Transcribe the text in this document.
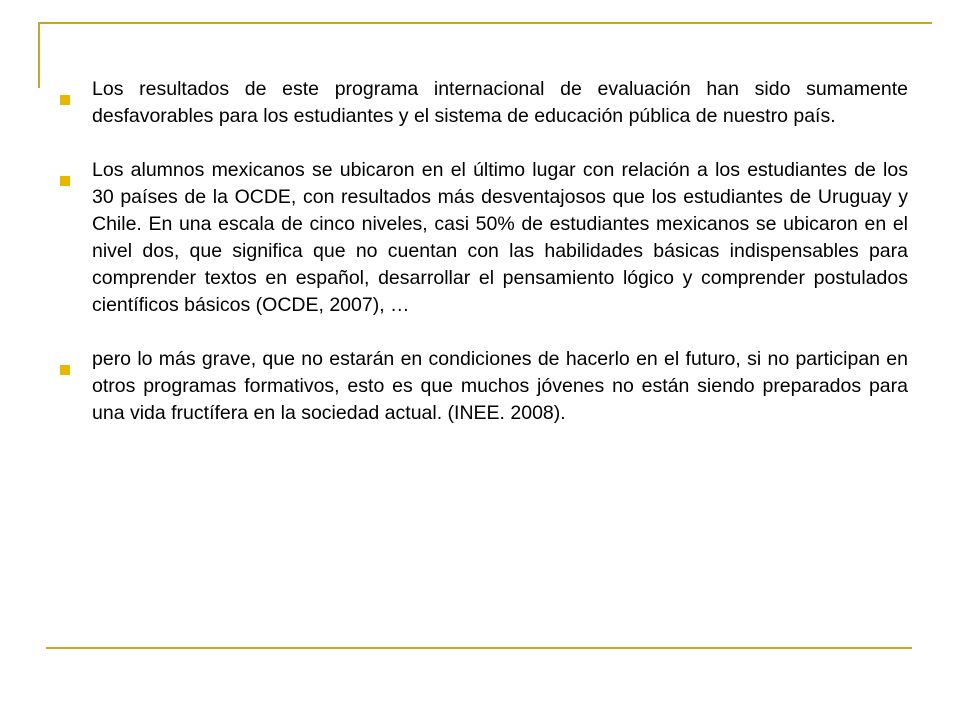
Los resultados de este programa internacional de evaluación han sido sumamente desfavorables para los estudiantes y el sistema de educación pública de nuestro país.
Los alumnos mexicanos se ubicaron en el último lugar con relación a los estudiantes de los 30 países de la OCDE, con resultados más desventajosos que los estudiantes de Uruguay y Chile. En una escala de cinco niveles, casi 50% de estudiantes mexicanos se ubicaron en el nivel dos, que significa que no cuentan con las habilidades básicas indispensables para comprender textos en español, desarrollar el pensamiento lógico y comprender postulados científicos básicos (OCDE, 2007), …
pero lo más grave, que no estarán en condiciones de hacerlo en el futuro, si no participan en otros programas formativos, esto es que muchos jóvenes no están siendo preparados para una vida fructífera en la sociedad actual. (INEE. 2008).
